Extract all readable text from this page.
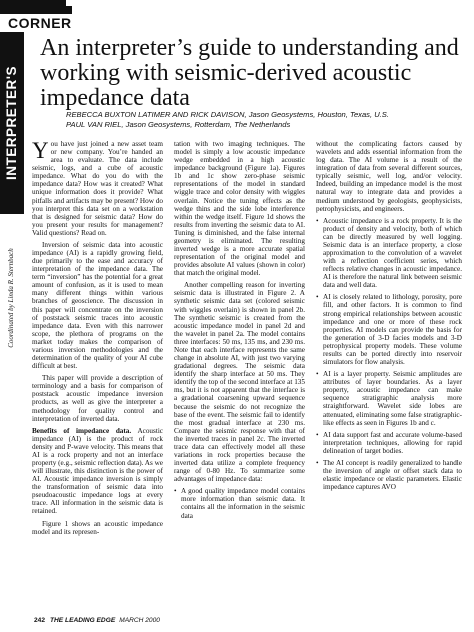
CORNER
INTERPRETER'S
Coordinated by Linda R. Sternbach
An interpreter’s guide to understanding and working with seismic-derived acoustic impedance data
REBECCA BUXTON LATIMER AND RICK DAVISON, Jason Geosystems, Houston, Texas, U.S.
PAUL VAN RIEL, Jason Geosystems, Rotterdam, The Netherlands

You have just joined a new asset team or new company. You’re handed an area to evaluate. The data include seismic, logs, and a cube of acoustic impedance. What do you do with the impedance data? How was it created? What unique information does it provide? What pitfalls and artifacts may be present? How do you interpret this data set on a workstation that is designed for seismic data? How do you present your results for management? Valid questions? Read on.

Inversion of seismic data into acoustic impedance (AI) is a rapidly growing field, due primarily to the ease and accuracy of interpretation of the impedance data. The term “inversion” has the potential for a great amount of confusion, as it is used to mean many different things within various branches of geoscience. The discussion in this paper will concentrate on the inversion of poststack seismic traces into acoustic impedance data. Even with this narrower scope, the plethora of programs on the market today makes the comparison of various inversion methodologies and the determination of the quality of your AI cube difficult at best.

This paper will provide a description of terminology and a basis for comparison of poststack acoustic impedance inversion products, as well as give the interpreter a methodology for quality control and interpretation of inverted data.

Benefits of impedance data. Acoustic impedance (AI) is the product of rock density and P-wave velocity. This means that AI is a rock property and not an interface property (e.g., seismic reflection data). As we will illustrate, this distinction is the power of AI. Acoustic impedance inversion is simply the transformation of seismic data into pseudoacoustic impedance logs at every trace. All information in the seismic data is retained.

Figure 1 shows an acoustic impedance model and its represen-

tation with two imaging techniques. The model is simply a low acoustic impedance wedge embedded in a high acoustic impedance background (Figure 1a). Figures 1b and 1c show zero-phase seismic representations of the model in standard wiggle trace and color density with wiggles overlain. Notice the tuning effects as the wedge thins and the side lobe interference within the wedge itself. Figure 1d shows the results from inverting the seismic data to AI. Tuning is diminished, and the false internal geometry is eliminated. The resulting inverted wedge is a more accurate spatial representation of the original model and provides absolute AI values (shown in color) that match the original model.

Another compelling reason for inverting seismic data is illustrated in Figure 2. A synthetic seismic data set (colored seismic with wiggles overlain) is shown in panel 2b. The synthetic seismic is created from the acoustic impedance model in panel 2d and the wavelet in panel 2a. The model contains three interfaces: 50 ms, 135 ms, and 230 ms. Note that each interface represents the same change in absolute AI, with just two varying gradational degrees. The seismic data identify the sharp interface at 50 ms. They identify the top of the second interface at 135 ms, but it is not apparent that the interface is a gradational coarsening upward sequence because the seismic do not recognize the base of the event. The seismic fail to identify the most gradual interface at 230 ms. Compare the seismic response with that of the inverted traces in panel 2c. The inverted trace data can effectively model all these variations in rock properties because the inverted data utilize a complete frequency range of 0-80 Hz. To summarize some advantages of impedance data:

• A good quality impedance model contains more information than seismic data. It contains all the information in the seismic data

without the complicating factors caused by wavelets and adds essential information from the log data. The AI volume is a result of the integration of data from several different sources, typically seismic, well log, and/or velocity. Indeed, building an impedance model is the most natural way to integrate data and provides a medium understood by geologists, geophysicists, petrophysicists, and engineers.

• Acoustic impedance is a rock property. It is the product of density and velocity, both of which can be directly measured by well logging. Seismic data is an interface property, a close approximation to the convolution of a wavelet with a reflection coefficient series, which reflects relative changes in acoustic impedance. AI is therefore the natural link between seismic data and well data.
• AI is closely related to lithology, porosity, pore fill, and other factors. It is common to find strong empirical relationships between acoustic impedance and one or more of these rock properties. AI models can provide the basis for the generation of 3-D facies models and 3-D petrophysical property models. These volume results can be ported directly into reservoir simulators for flow analysis.
• AI is a layer property. Seismic amplitudes are attributes of layer boundaries. As a layer property, acoustic impedance can make sequence stratigraphic analysis more straightforward. Wavelet side lobes are attenuated, eliminating some false stratigraphic-like effects as seen in Figures 1b and c.
• AI data support fast and accurate volume-based interpretation techniques, allowing for rapid delineation of target bodies.
• The AI concept is readily generalized to handle the inversion of angle or offset stack data to elastic impedance or elastic parameters. Elastic impedance captures AVO
242 THE LEADING EDGE MARCH 2000
